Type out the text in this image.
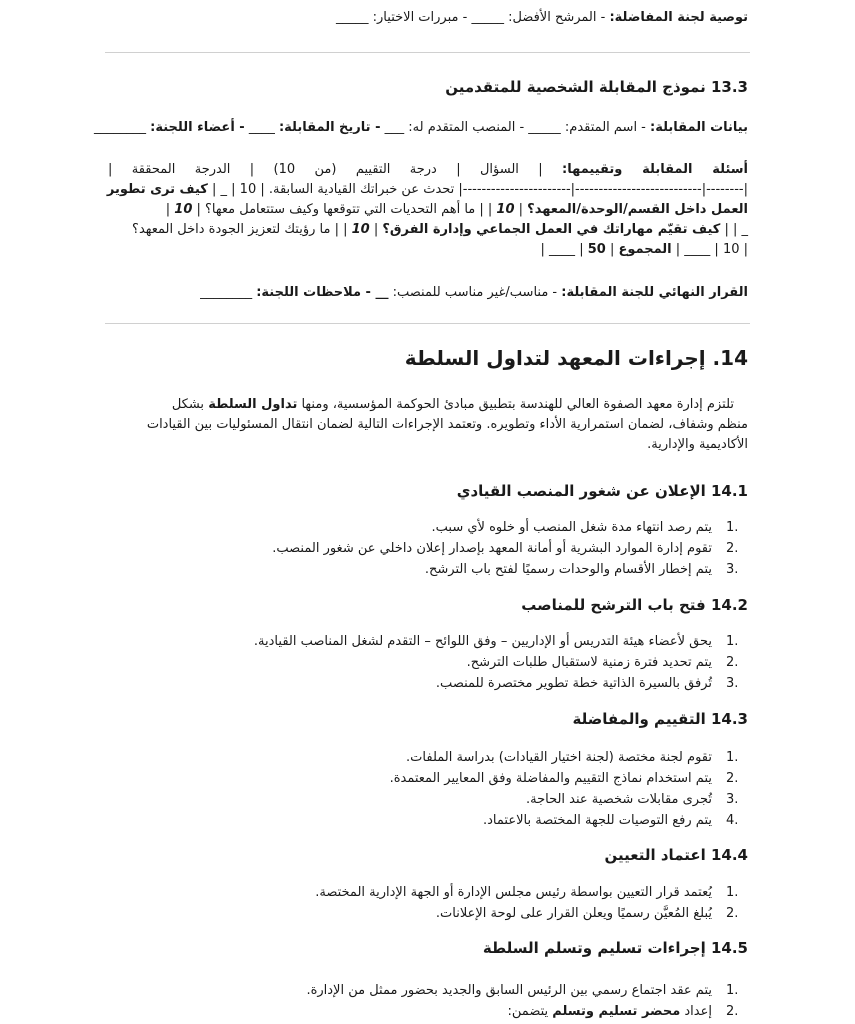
توصية لجنة المفاضلة: - المرشح الأفضل: _____ - مبررات الاختيار: _____
13.3 نموذج المقابلة الشخصية للمتقدمين
بيانات المقابلة: - اسم المتقدم: _____ - المنصب المتقدم له: ___ - تاريخ المقابلة: ____ - أعضاء اللجنة: ________
أسئلة المقابلة وتقييمها: | السؤال | درجة التقييم (من 10) | الدرجة المحققة |
|--------|---------------------------|-----------------------| تحدث عن خبراتك القيادية السابقة. | 10 | _ | كيف ترى تطوير
العمل داخل القسم/الوحدة/المعهد؟ | 10 | | ما أهم التحديات التي تتوقعها وكيف ستتعامل معها؟ | 10 |
_ | | كيف تقيّم مهاراتك في العمل الجماعي وإدارة الفرق؟ | 10 | | ما رؤيتك لتعزيز الجودة داخل المعهد؟
| 10 | ____ | المجموع | 50 | ____ |
القرار النهائي للجنة المقابلة: - مناسب/غير مناسب للمنصب: __ - ملاحظات اللجنة: ________
14. إجراءات المعهد لتداول السلطة
تلتزم إدارة معهد الصفوة العالي للهندسة بتطبيق مبادئ الحوكمة المؤسسية، ومنها تداول السلطة بشكل
منظم وشفاف، لضمان استمرارية الأداء وتطويره. وتعتمد الإجراءات التالية لضمان انتقال المسئوليات بين القيادات
الأكاديمية والإدارية.
14.1 الإعلان عن شغور المنصب القيادي
1.
يتم رصد انتهاء مدة شغل المنصب أو خلوه لأي سبب.
2.
تقوم إدارة الموارد البشرية أو أمانة المعهد بإصدار إعلان داخلي عن شغور المنصب.
3.
يتم إخطار الأقسام والوحدات رسميًا لفتح باب الترشح.
14.2 فتح باب الترشح للمناصب
1.
يحق لأعضاء هيئة التدريس أو الإداريين – وفق اللوائح – التقدم لشغل المناصب القيادية.
2.
يتم تحديد فترة زمنية لاستقبال طلبات الترشح.
3.
تُرفق بالسيرة الذاتية خطة تطوير مختصرة للمنصب.
14.3 التقييم والمفاضلة
1.
تقوم لجنة مختصة (لجنة اختيار القيادات) بدراسة الملفات.
2.
يتم استخدام نماذج التقييم والمفاضلة وفق المعايير المعتمدة.
3.
تُجرى مقابلات شخصية عند الحاجة.
4.
يتم رفع التوصيات للجهة المختصة بالاعتماد.
14.4 اعتماد التعيين
1.
يُعتمد قرار التعيين بواسطة رئيس مجلس الإدارة أو الجهة الإدارية المختصة.
2.
يُبلغ المُعيَّن رسميًا ويعلن القرار على لوحة الإعلانات.
14.5 إجراءات تسليم وتسلم السلطة
1.
يتم عقد اجتماع رسمي بين الرئيس السابق والجديد بحضور ممثل من الإدارة.
2.
إعداد محضر تسليم وتسلم يتضمن:
